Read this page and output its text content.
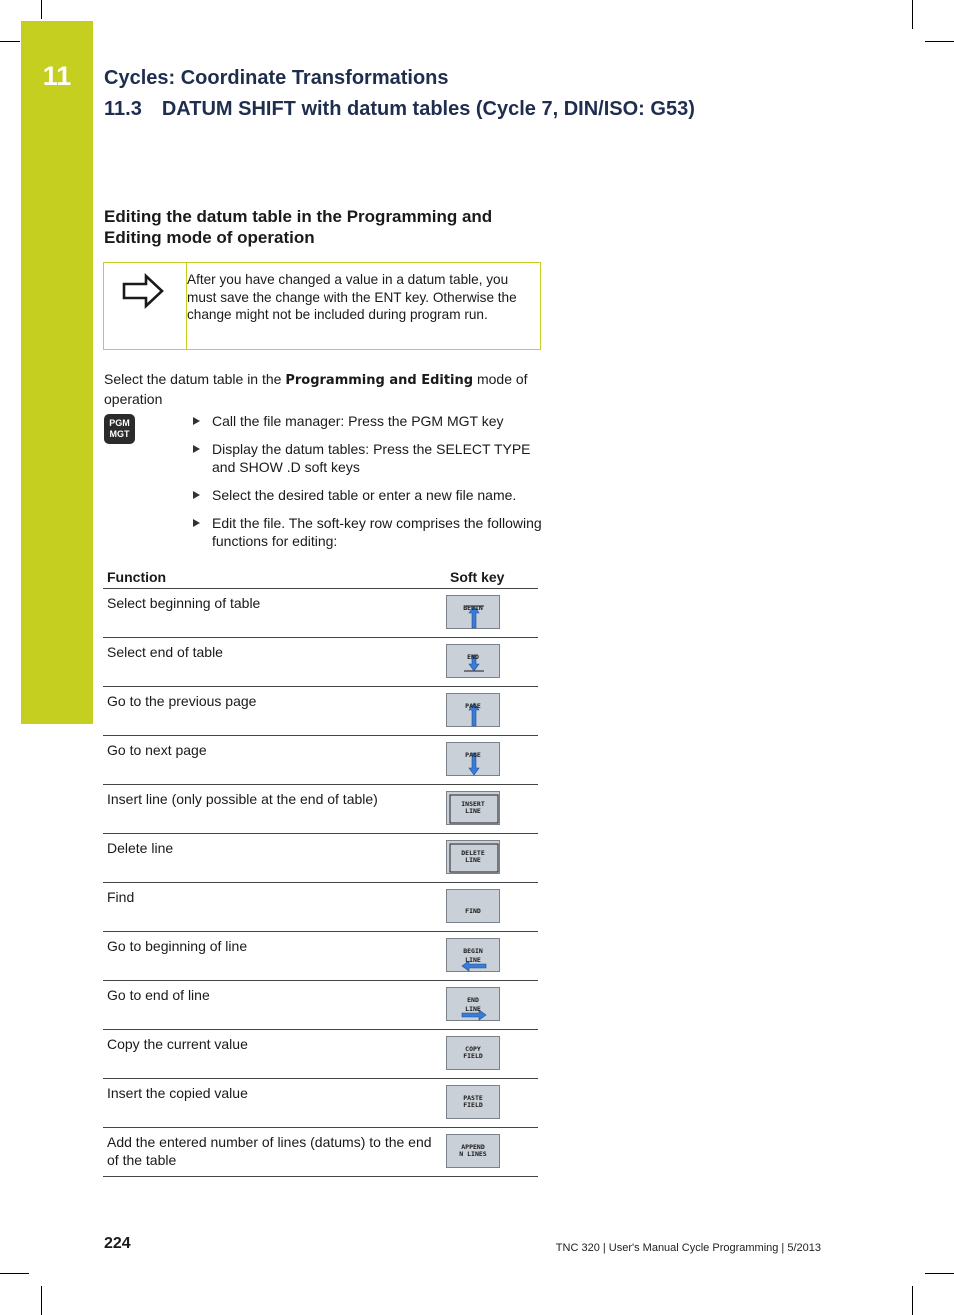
11	Cycles: Coordinate Transformations
11.3 DATUM SHIFT with datum tables (Cycle 7, DIN/ISO: G53)
Editing the datum table in the Programming and Editing mode of operation
After you have changed a value in a datum table, you must save the change with the ENT key. Otherwise the change might not be included during program run.
Select the datum table in the Programming and Editing mode of operation
PGM
MGT
Call the file manager: Press the PGM MGT key
Display the datum tables: Press the SELECT TYPE and SHOW .D soft keys
Select the desired table or enter a new file name.
Edit the file. The soft-key row comprises the following functions for editing:
Function	Soft key
Select beginning of table	BEGIN

Select end of table	END

Go to the previous page	PAGE

Go to next page	PAGE

Insert line (only possible at the end of table)	INSERT
LINE

Delete line	DELETE
LINE

Find	FIND

Go to beginning of line	BEGIN
LINE

Go to end of line	END
LINE

Copy the current value	COPY
FIELD

Insert the copied value	PASTE
FIELD

Add the entered number of lines (datums) to the end of the table	APPEND
N LINES
224	TNC 320 | User's Manual Cycle Programming | 5/2013
